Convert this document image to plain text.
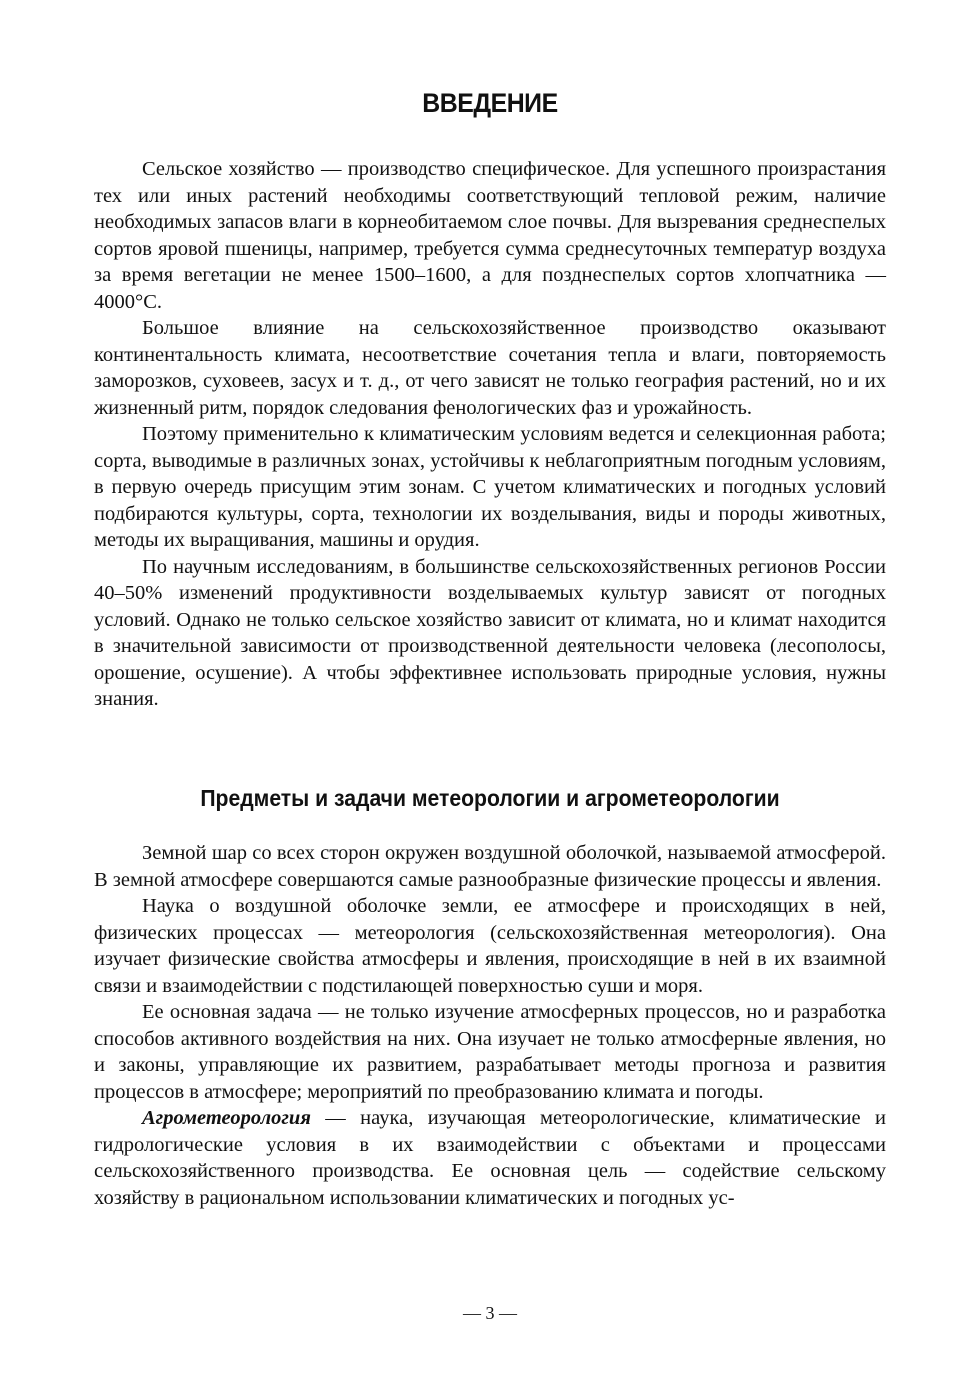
ВВЕДЕНИЕ

Сельское хозяйство — производство специфическое. Для успешного произрастания тех или иных растений необходимы соответствующий тепловой режим, наличие необходимых запасов влаги в корнеобитаемом слое почвы. Для вызревания среднеспелых сортов яровой пшеницы, например, требуется сумма среднесуточных температур воздуха за время вегетации не менее 1500–1600, а для позднеспелых сортов хлопчатника — 4000°С.

Большое влияние на сельскохозяйственное производство оказывают континентальность климата, несоответствие сочетания тепла и влаги, повторяемость заморозков, суховеев, засух и т. д., от чего зависят не только география растений, но и их жизненный ритм, порядок следования фенологических фаз и урожайность.

Поэтому применительно к климатическим условиям ведется и селекционная работа; сорта, выводимые в различных зонах, устойчивы к неблагоприятным погодным условиям, в первую очередь присущим этим зонам. С учетом климатических и погодных условий подбираются культуры, сорта, технологии их возделывания, виды и породы животных, методы их выращивания, машины и орудия.

По научным исследованиям, в большинстве сельскохозяйственных регионов России 40–50% изменений продуктивности возделываемых культур зависят от погодных условий. Однако не только сельское хозяйство зависит от климата, но и климат находится в значительной зависимости от производственной деятельности человека (лесополосы, орошение, осушение). А чтобы эффективнее использовать природные условия, нужны знания.

Предметы и задачи метеорологии и агрометеорологии

Земной шар со всех сторон окружен воздушной оболочкой, называемой атмосферой. В земной атмосфере совершаются самые разнообразные физические процессы и явления.

Наука о воздушной оболочке земли, ее атмосфере и происходящих в ней, физических процессах — метеорология (сельскохозяйственная метеорология). Она изучает физические свойства атмосферы и явления, происходящие в ней в их взаимной связи и взаимодействии с подстилающей поверхностью суши и моря.

Ее основная задача — не только изучение атмосферных процессов, но и разработка способов активного воздействия на них. Она изучает не только атмосферные явления, но и законы, управляющие их развитием, разрабатывает методы прогноза и развития процессов в атмосфере; мероприятий по преобразованию климата и погоды.

Агрометеорология — наука, изучающая метеорологические, климатические и гидрологические условия в их взаимодействии с объектами и процессами сельскохозяйственного производства. Ее основная цель — содействие сельскому хозяйству в рациональном использовании климатических и погодных ус-

— 3 —
